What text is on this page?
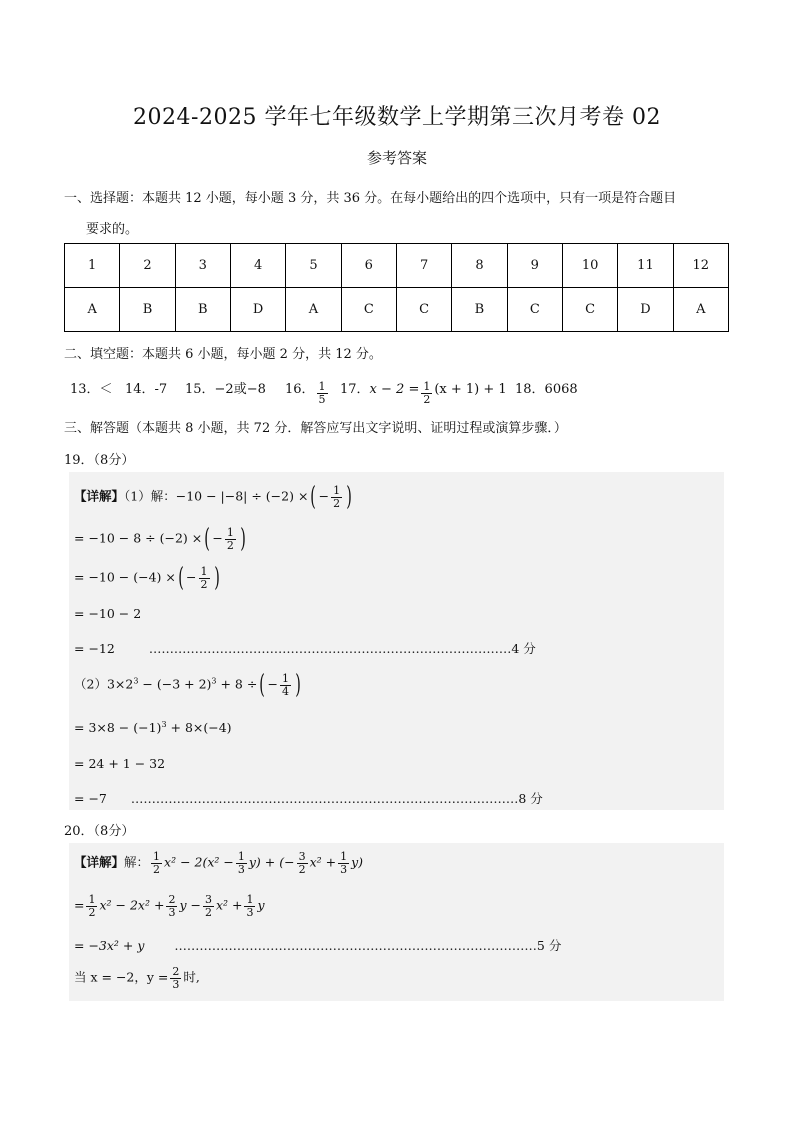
2024-2025 学年七年级数学上学期第三次月考卷 02
参考答案
一、选择题：本题共 12 小题，每小题 3 分，共 36 分。在每小题给出的四个选项中，只有一项是符合题目
要求的。
1	2	3	4	5	6	7	8	9	10	11	12
A	B	B	D	A	C	C	B	C	C	D	A
二、填空题：本题共 6 小题，每小题 2 分，共 12 分。
13．＜ 14．-7 15．−2或−8 16． $\frac{1}{5} 17$．$x - 2 = \frac{1}{2} (x + 1) + 1$ 18．6068
三、解答题（本题共 8 小题，共 72 分．解答应写出文字说明、证明过程或演算步骤．）
19．（8分）
【详解】（1）解：−10 − |−8| ÷ (−2) ×( − $\frac{1}{2}$ )
= −10 − 8 ÷ (−2) ×( − $\frac{1}{2}$ )
= −10 − (−4) ×( − $\frac{1}{2}$ )
= −10 − 2
= −12	……………………………………………………………………………4 分
$(2)3\times 2^3 - (-3 + 2)^3 + 8$ ÷( − $\frac{1}{4}$ )
= $3\times 8 - (-1)^3 + 8\times(-4)$
= 24 + 1 − 32
= −7 …………………………………………………………………………………8 分
20．（8分）
【详解】解： $\frac{1}{2} x^2 - 2(x^2 - \frac{1}{3} y)$ + (− $\frac{3}{2} x^2 + \frac{1}{3} y$)
= $\frac{1}{2} x^2 - 2x^2 + \frac{2}{3}$ $y - \frac{3}{2} x^2 + \frac{1}{3}$ y
= −3x² + y ……………………………………………………………………………5 分
当 x = −2，$y = \frac{2}{3}$ 时,
